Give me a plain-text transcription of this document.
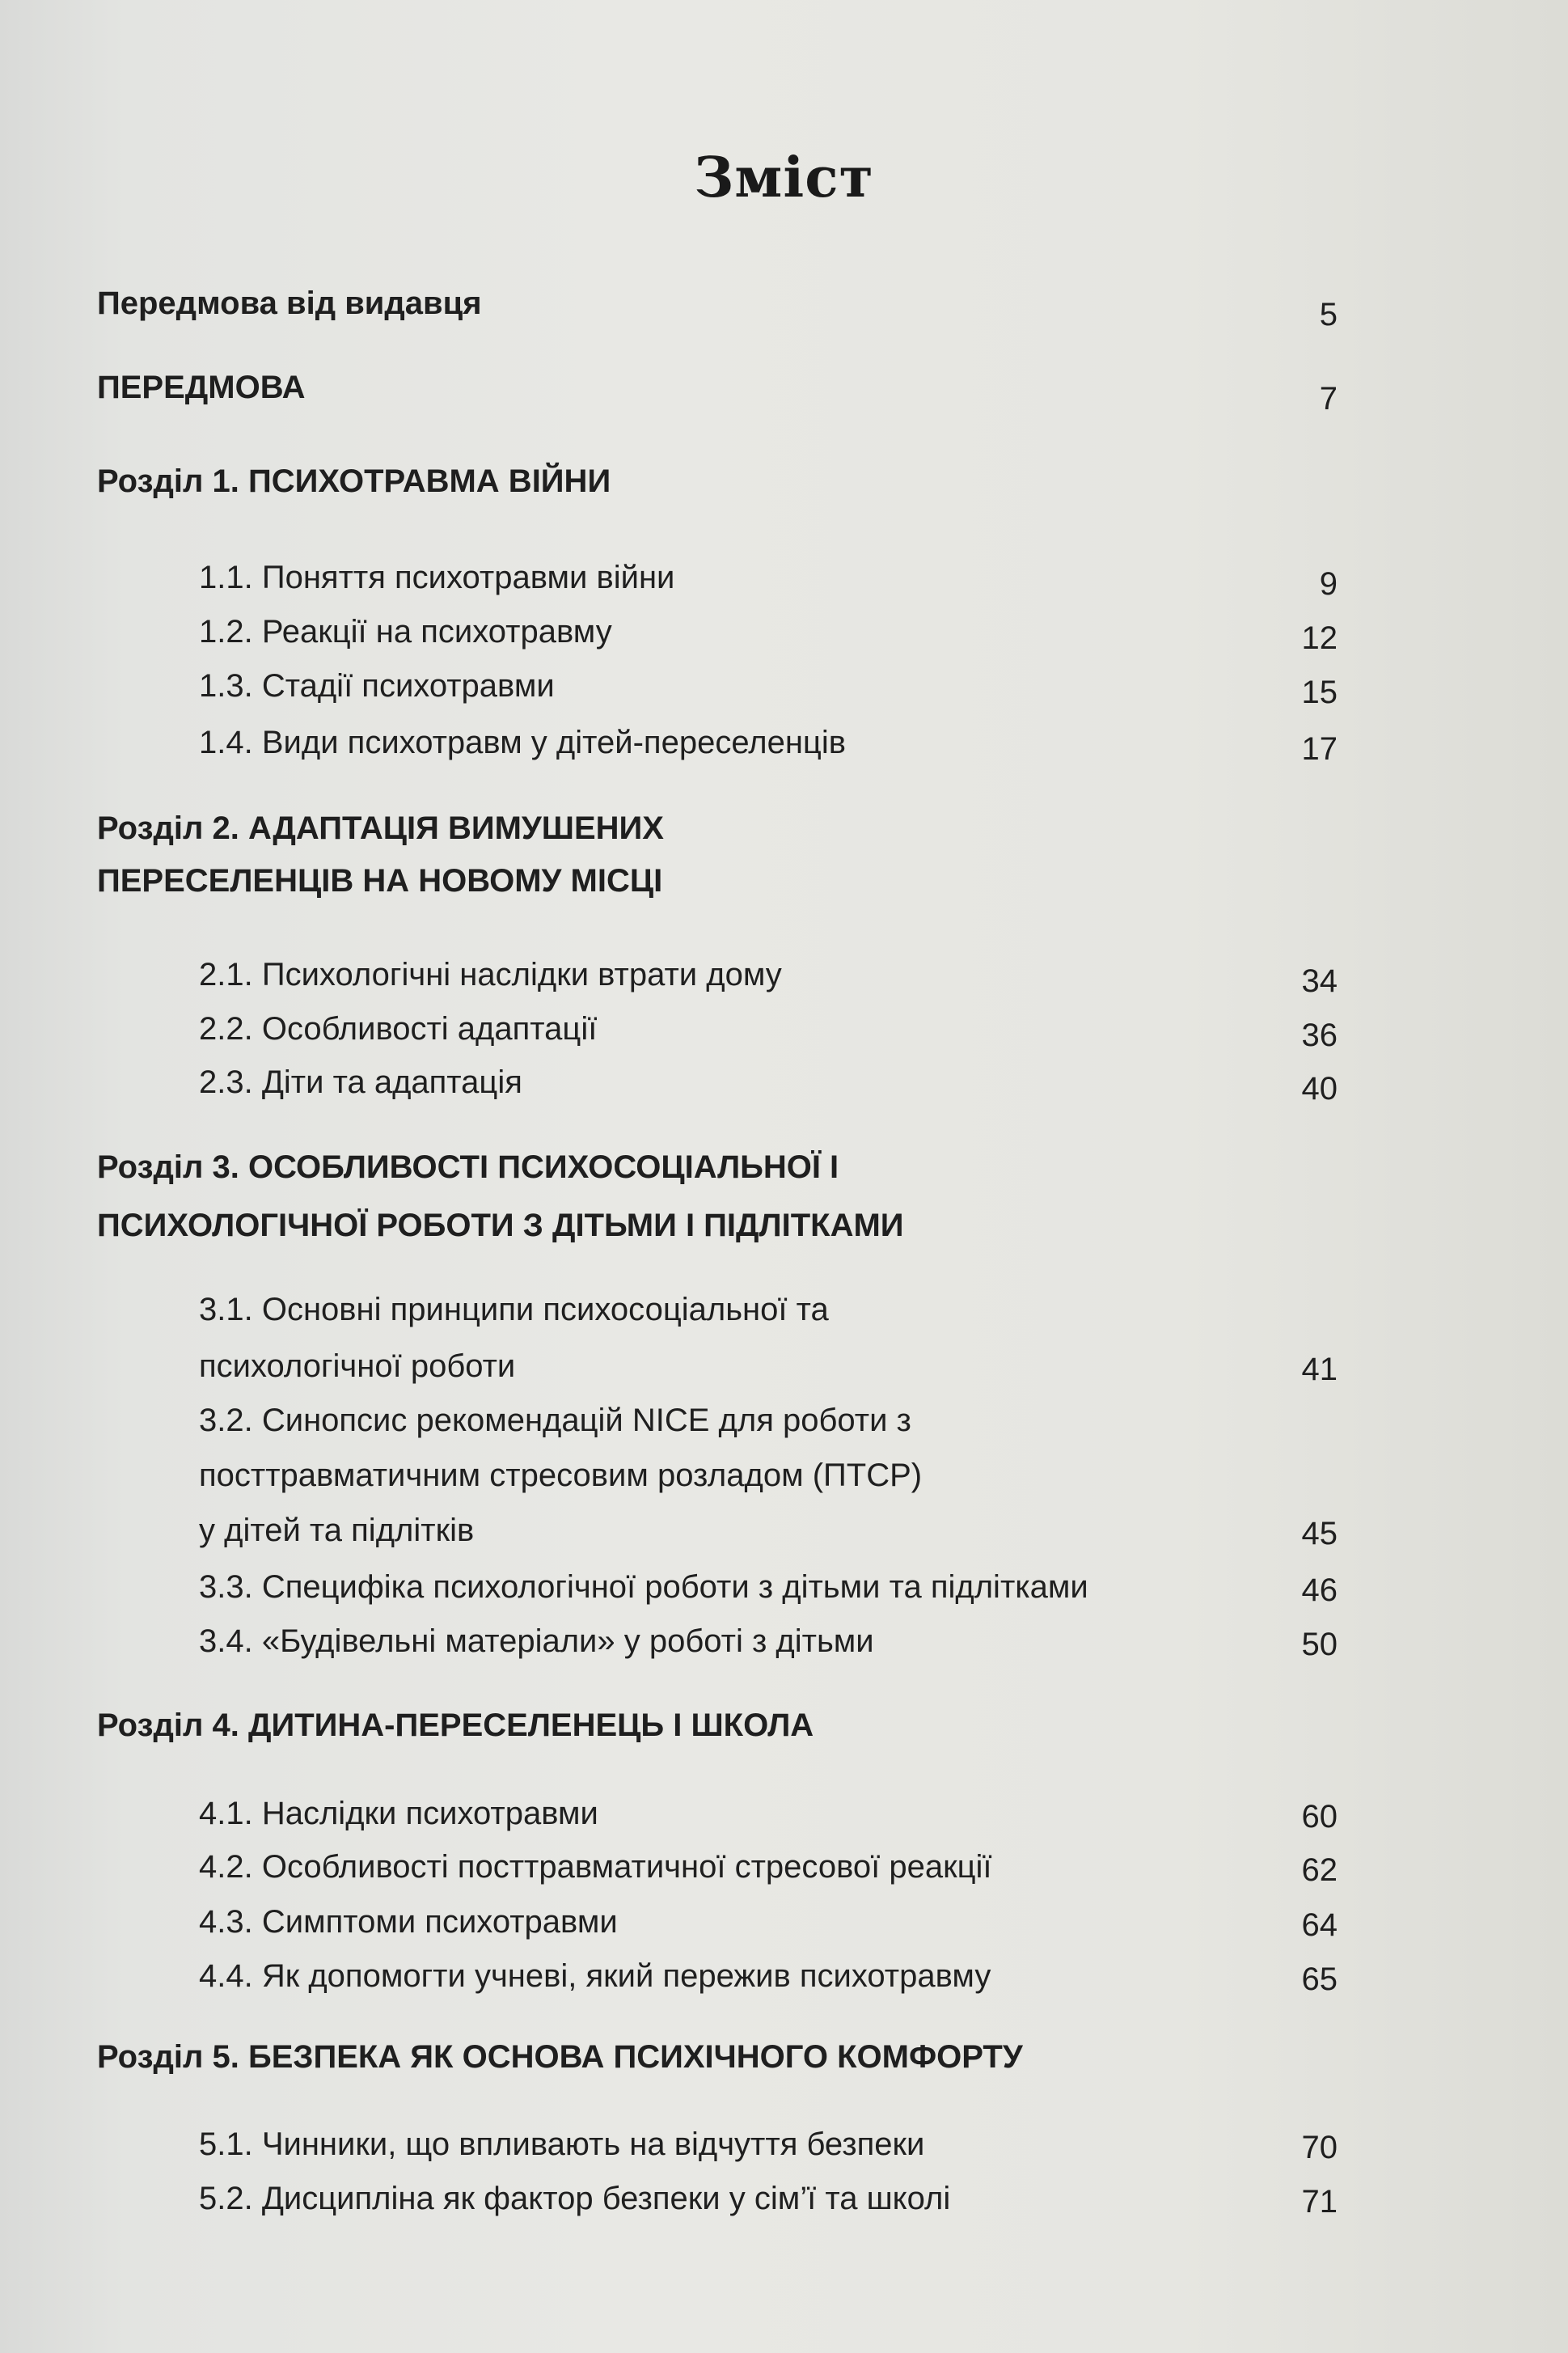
Зміст
Передмова від видавця	5
ПЕРЕДМОВА	7
Розділ 1. ПСИХОТРАВМА ВІЙНИ
1.1. Поняття психотравми війни	9
1.2. Реакції на психотравму	12
1.3. Стадії психотравми	15
1.4. Види психотравм у дітей-переселенців	17
Розділ 2. АДАПТАЦІЯ ВИМУШЕНИХ
ПЕРЕСЕЛЕНЦІВ НА НОВОМУ МІСЦІ
2.1. Психологічні наслідки втрати дому	34
2.2. Особливості адаптації	36
2.3. Діти та адаптація	40
Розділ 3. ОСОБЛИВОСТІ ПСИХОСОЦІАЛЬНОЇ І
ПСИХОЛОГІЧНОЇ РОБОТИ З ДІТЬМИ І ПІДЛІТКАМИ
3.1. Основні принципи психосоціальної та
психологічної роботи	41
3.2. Синопсис рекомендацій NICE для роботи з
посттравматичним стресовим розладом (ПТСР)
у дітей та підлітків	45
3.3. Специфіка психологічної роботи з дітьми та підлітками	46
3.4. «Будівельні матеріали» у роботі з дітьми	50
Розділ 4. ДИТИНА-ПЕРЕСЕЛЕНЕЦЬ І ШКОЛА
4.1. Наслідки психотравми	60
4.2. Особливості посттравматичної стресової реакції	62
4.3. Симптоми психотравми	64
4.4. Як допомогти учневі, який пережив психотравму	65
Розділ 5. БЕЗПЕКА ЯК ОСНОВА ПСИХІЧНОГО КОМФОРТУ
5.1. Чинники, що впливають на відчуття безпеки	70
5.2. Дисципліна як фактор безпеки у сім’ї та школі	71
